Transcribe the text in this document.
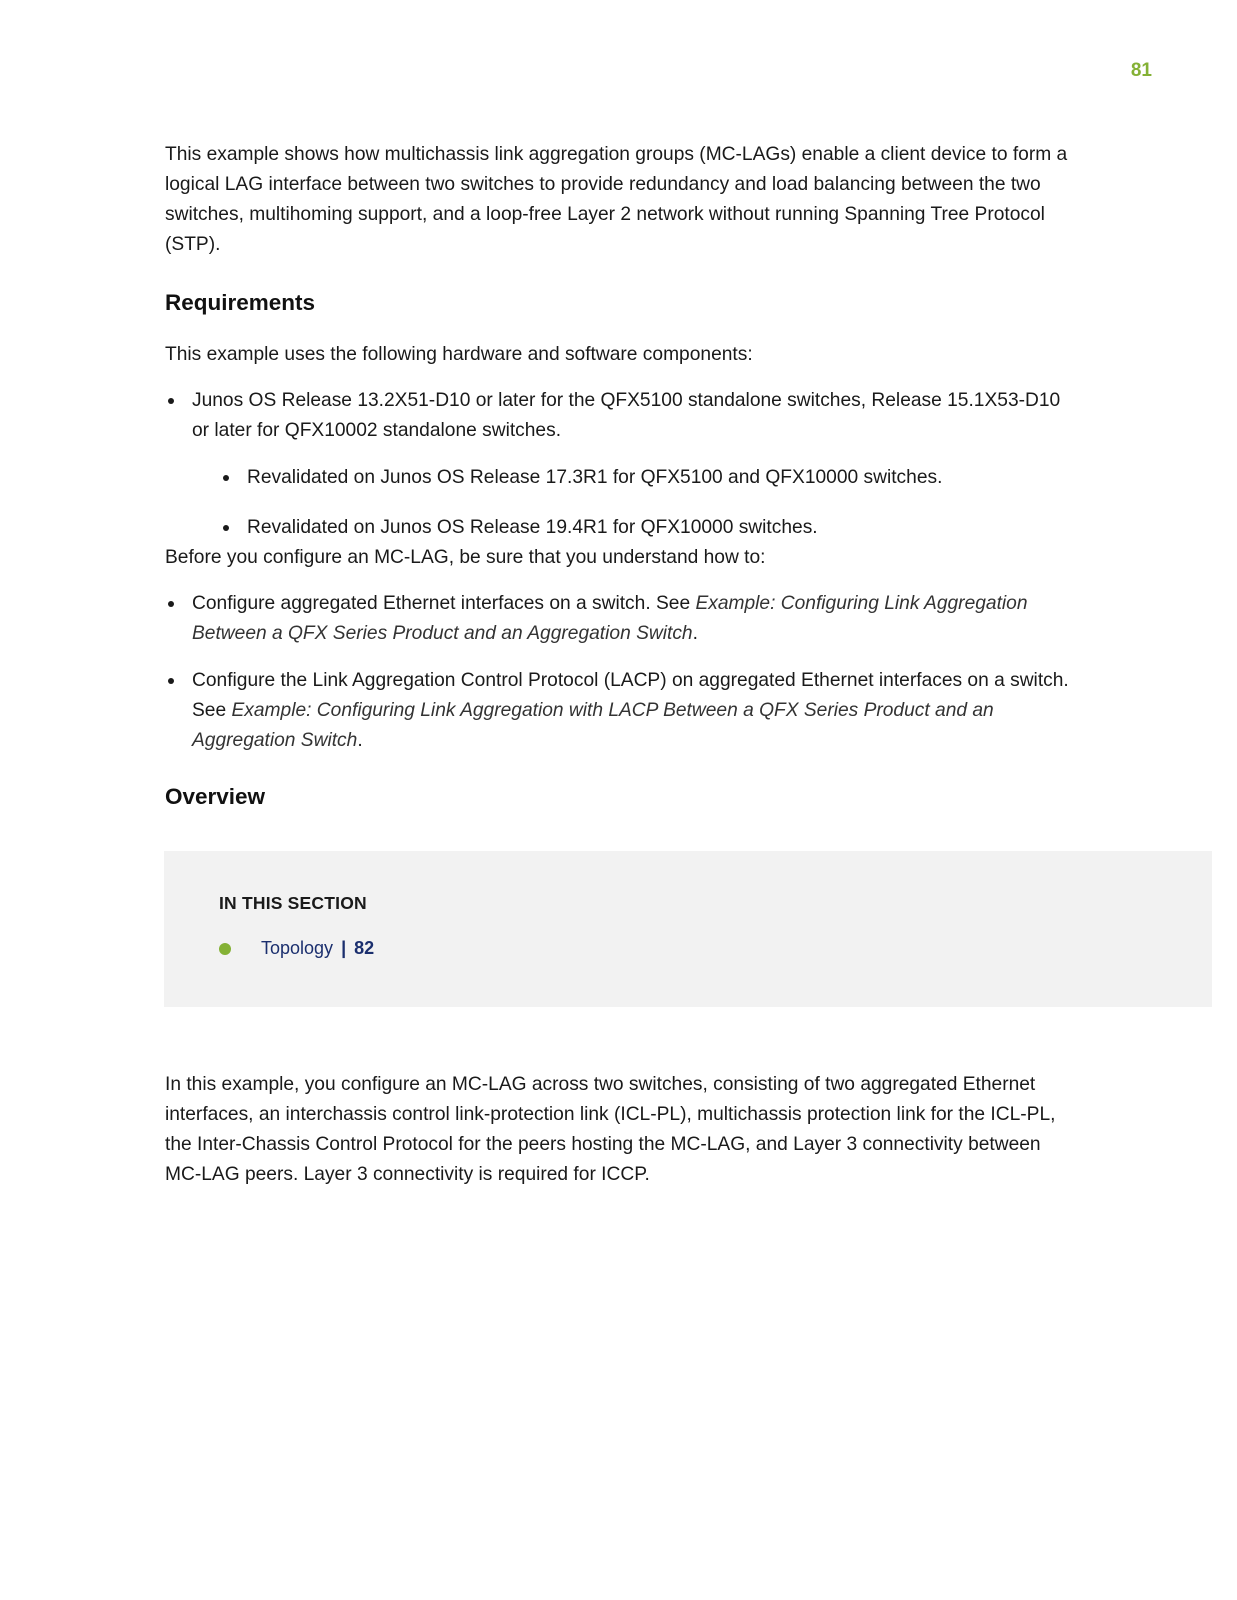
81

This example shows how multichassis link aggregation groups (MC-LAGs) enable a client device to form a logical LAG interface between two switches to provide redundancy and load balancing between the two switches, multihoming support, and a loop-free Layer 2 network without running Spanning Tree Protocol (STP).

Requirements

This example uses the following hardware and software components:

Junos OS Release 13.2X51-D10 or later for the QFX5100 standalone switches, Release 15.1X53-D10 or later for QFX10002 standalone switches.
Revalidated on Junos OS Release 17.3R1 for QFX5100 and QFX10000 switches.
Revalidated on Junos OS Release 19.4R1 for QFX10000 switches.

Before you configure an MC-LAG, be sure that you understand how to:

Configure aggregated Ethernet interfaces on a switch. See Example: Configuring Link Aggregation Between a QFX Series Product and an Aggregation Switch.
Configure the Link Aggregation Control Protocol (LACP) on aggregated Ethernet interfaces on a switch. See Example: Configuring Link Aggregation with LACP Between a QFX Series Product and an Aggregation Switch.
Overview
IN THIS SECTION
Topology | 82

In this example, you configure an MC-LAG across two switches, consisting of two aggregated Ethernet interfaces, an interchassis control link-protection link (ICL-PL), multichassis protection link for the ICL-PL, the Inter-Chassis Control Protocol for the peers hosting the MC-LAG, and Layer 3 connectivity between MC-LAG peers. Layer 3 connectivity is required for ICCP.
